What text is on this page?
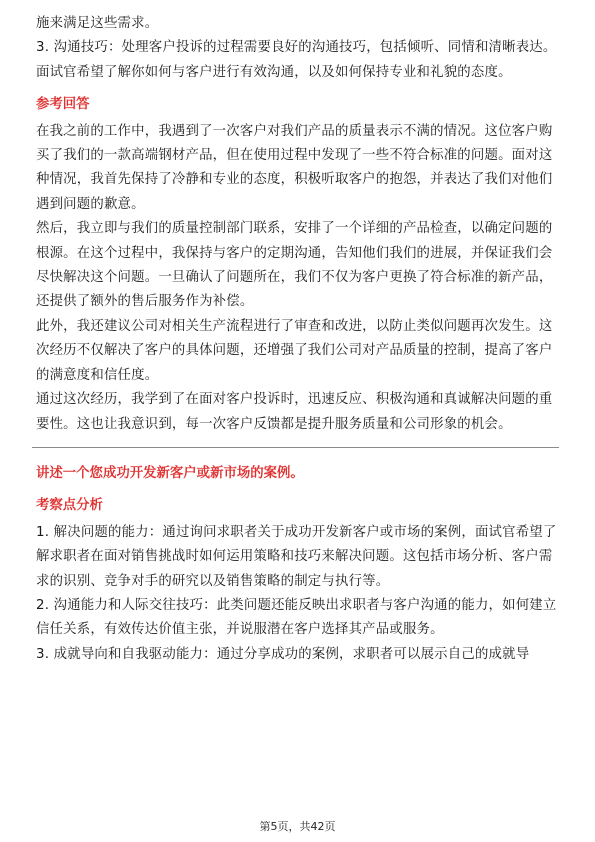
施来满足这些需求。

3. 沟通技巧：处理客户投诉的过程需要良好的沟通技巧，包括倾听、同情和清晰表达。面试官希望了解你如何与客户进行有效沟通，以及如何保持专业和礼貌的态度。

参考回答

在我之前的工作中，我遇到了一次客户对我们产品的质量表示不满的情况。这位客户购买了我们的一款高端钢材产品，但在使用过程中发现了一些不符合标准的问题。面对这种情况，我首先保持了冷静和专业的态度，积极听取客户的抱怨，并表达了我们对他们遇到问题的歉意。

然后，我立即与我们的质量控制部门联系，安排了一个详细的产品检查，以确定问题的根源。在这个过程中，我保持与客户的定期沟通，告知他们我们的进展，并保证我们会尽快解决这个问题。一旦确认了问题所在，我们不仅为客户更换了符合标准的新产品，还提供了额外的售后服务作为补偿。

此外，我还建议公司对相关生产流程进行了审查和改进，以防止类似问题再次发生。这次经历不仅解决了客户的具体问题，还增强了我们公司对产品质量的控制，提高了客户的满意度和信任度。

通过这次经历，我学到了在面对客户投诉时，迅速反应、积极沟通和真诚解决问题的重要性。这也让我意识到，每一次客户反馈都是提升服务质量和公司形象的机会。

讲述一个您成功开发新客户或新市场的案例。
考察点分析

1. 解决问题的能力：通过询问求职者关于成功开发新客户或市场的案例，面试官希望了解求职者在面对销售挑战时如何运用策略和技巧来解决问题。这包括市场分析、客户需求的识别、竞争对手的研究以及销售策略的制定与执行等。

2. 沟通能力和人际交往技巧：此类问题还能反映出求职者与客户沟通的能力，如何建立信任关系，有效传达价值主张，并说服潜在客户选择其产品或服务。

3. 成就导向和自我驱动能力：通过分享成功的案例，求职者可以展示自己的成就导

第5页，共42页
